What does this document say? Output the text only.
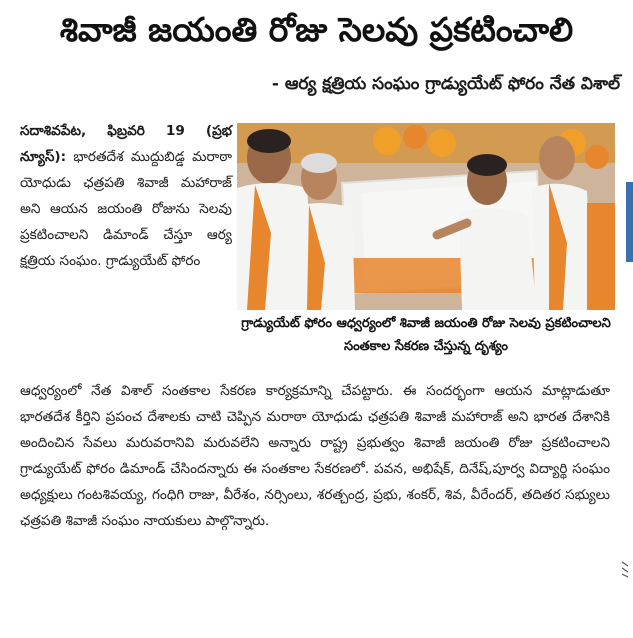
శివాజీ జయంతి రోజు సెలవు ప్రకటించాలి
- ఆర్య క్షత్రియ సంఘం గ్రాడ్యుయేట్ ఫోరం నేత విశాల్
సదాశివపేట, ఫిబ్రవరి 19 (ప్రభ న్యూస్): భారతదేశ ముద్దుబిడ్డ మరాఠా యోధుడు ఛత్రపతి శివాజీ మహారాజ్ అని ఆయన జయంతి రోజును సెలవు ప్రకటించాలని డిమాండ్ చేస్తూ ఆర్య క్షత్రియ సంఘం. గ్రాడ్యుయేట్ ఫోరం
గ్రాడ్యుయేట్ ఫోరం ఆధ్వర్యంలో శివాజీ జయంతి రోజు సెలవు ప్రకటించాలని సంతకాల సేకరణ చేస్తున్న దృశ్యం
ఆధ్వర్యంలో నేత విశాల్ సంతకాల సేకరణ కార్యక్రమాన్ని చేపట్టారు. ఈ సందర్భంగా ఆయన మాట్లాడుతూ భారతదేశ కీర్తిని ప్రపంచ దేశాలకు చాటి చెప్పిన మరాఠా యోధుడు ఛత్రపతి శివాజీ మహారాజ్ అని భారత దేశానికి అందించిన సేవలు మరువరానివి మరువలేని అన్నారు రాష్ట్ర ప్రభుత్వం శివాజీ జయంతి రోజు ప్రకటించాలని గ్రాడ్యుయేట్ ఫోరం డిమాండ్ చేసిందన్నారు ఈ సంతకాల సేకరణలో. పవన, అభిషేక్, దినేష్,పూర్వ విద్యార్థి సంఘం అధ్యక్షులు గంటశివయ్య, గంధిగి రాజు, వీరేశం, నర్సింలు, శరత్చంద్ర, ప్రభు, శంకర్, శివ, వీరేందర్, తదితర సభ్యులు ఛత్రపతి శివాజీ సంఘం నాయకులు పాల్గొన్నారు.
